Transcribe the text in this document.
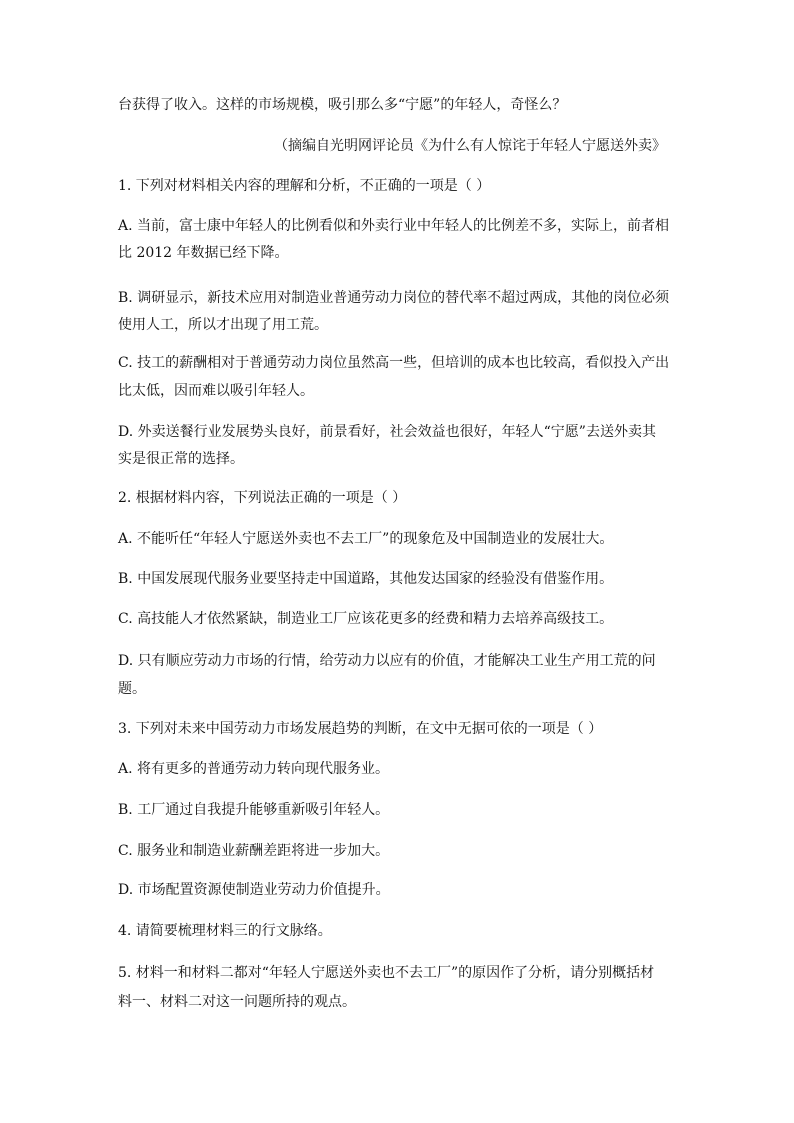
台获得了收入。这样的市场规模，吸引那么多“宁愿”的年轻人，奇怪么？
（摘编自光明网评论员《为什么有人惊诧于年轻人宁愿送外卖》
1. 下列对材料相关内容的理解和分析，不正确的一项是（ ）
A. 当前，富士康中年轻人的比例看似和外卖行业中年轻人的比例差不多，实际上，前者相
比 2012 年数据已经下降。
B. 调研显示，新技术应用对制造业普通劳动力岗位的替代率不超过两成，其他的岗位必须
使用人工，所以才出现了用工荒。
C. 技工的薪酬相对于普通劳动力岗位虽然高一些，但培训的成本也比较高，看似投入产出
比太低，因而难以吸引年轻人。
D. 外卖送餐行业发展势头良好，前景看好，社会效益也很好，年轻人“宁愿”去送外卖其
实是很正常的选择。
2. 根据材料内容，下列说法正确的一项是（ ）
A. 不能听任“年轻人宁愿送外卖也不去工厂”的现象危及中国制造业的发展壮大。
B. 中国发展现代服务业要坚持走中国道路，其他发达国家的经验没有借鉴作用。
C. 高技能人才依然紧缺，制造业工厂应该花更多的经费和精力去培养高级技工。
D. 只有顺应劳动力市场的行情，给劳动力以应有的价值，才能解决工业生产用工荒的问
题。
3. 下列对未来中国劳动力市场发展趋势的判断，在文中无据可依的一项是（ ）
A. 将有更多的普通劳动力转向现代服务业。
B. 工厂通过自我提升能够重新吸引年轻人。
C. 服务业和制造业薪酬差距将进一步加大。
D. 市场配置资源使制造业劳动力价值提升。
4. 请简要梳理材料三的行文脉络。
5. 材料一和材料二都对“年轻人宁愿送外卖也不去工厂”的原因作了分析，请分别概括材
料一、材料二对这一问题所持的观点。
